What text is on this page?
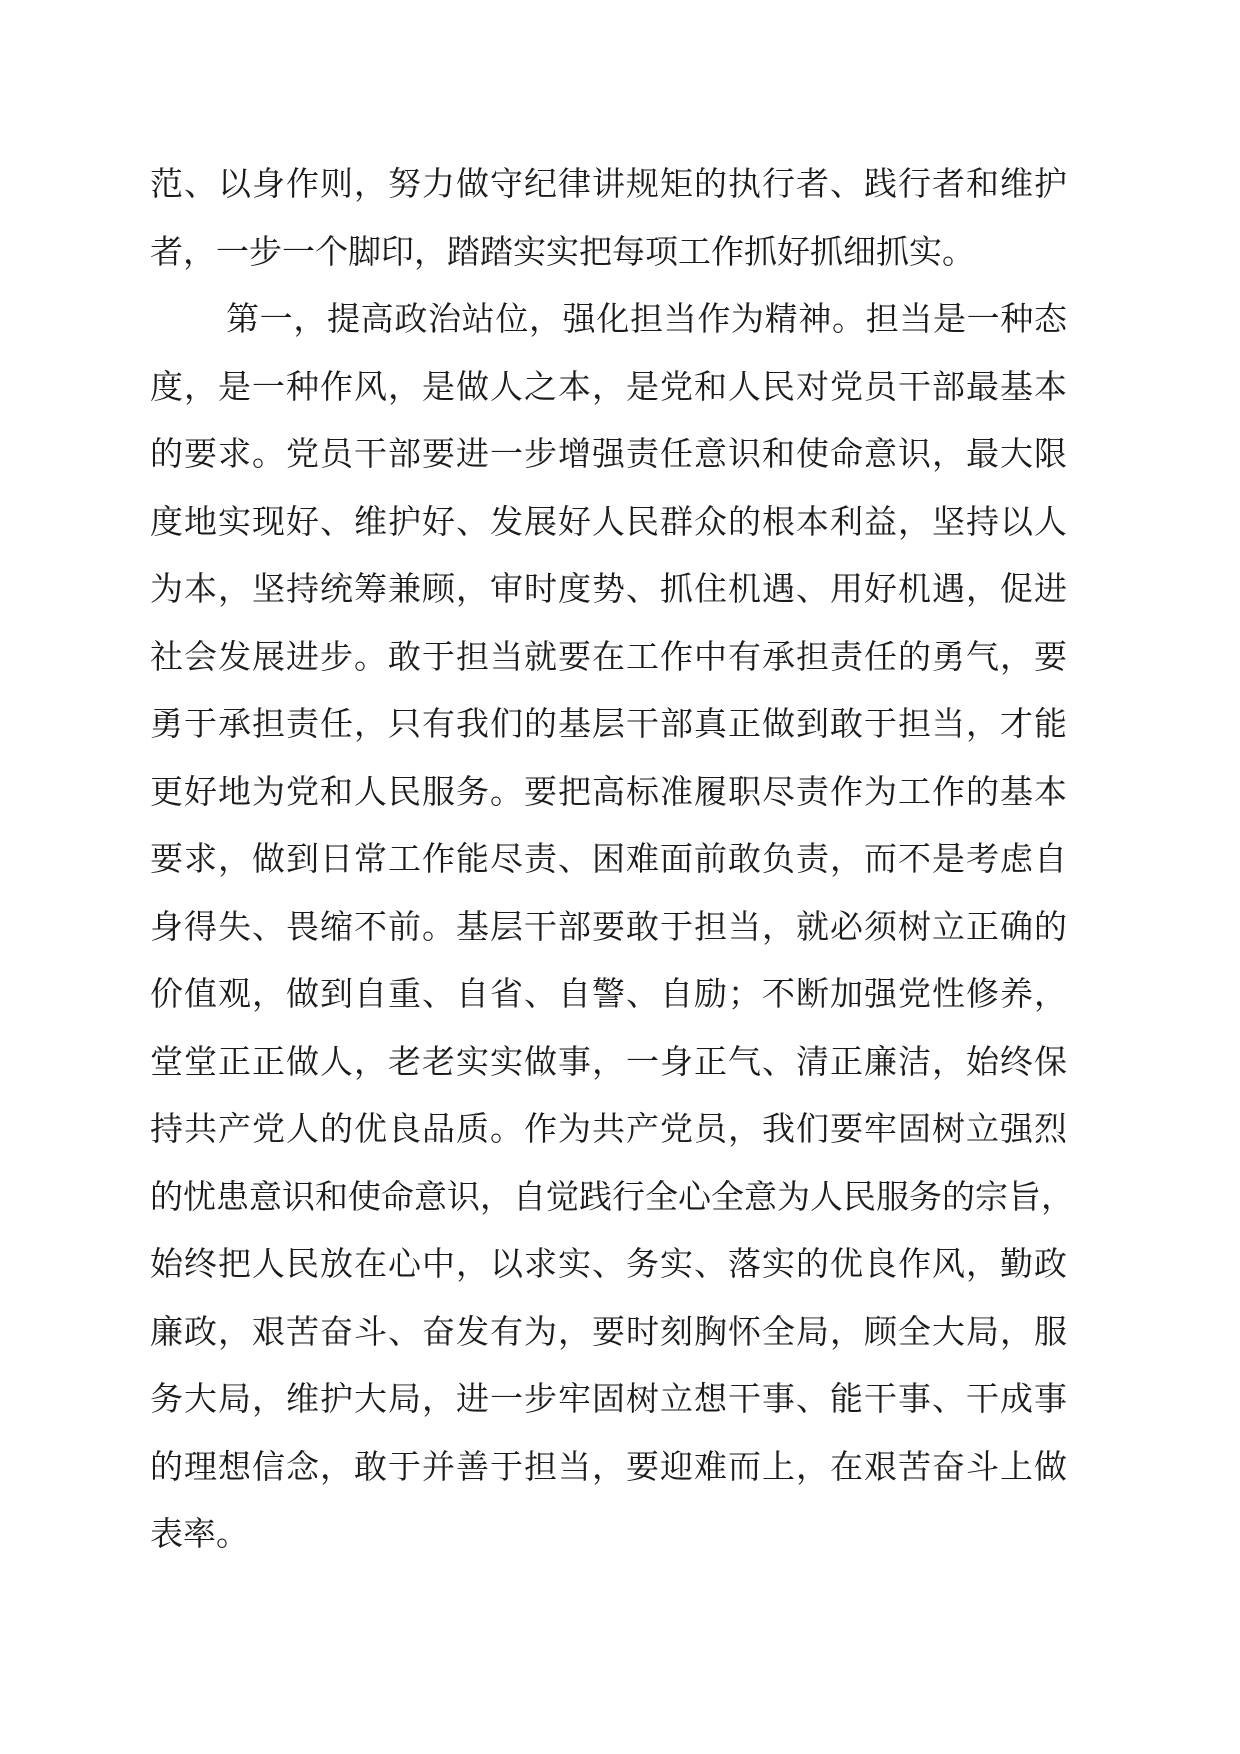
范、以身作则，努力做守纪律讲规矩的执行者、践行者和维护
者，一步一个脚印，踏踏实实把每项工作抓好抓细抓实。
第一，提高政治站位，强化担当作为精神。担当是一种态
度，是一种作风，是做人之本，是党和人民对党员干部最基本
的要求。党员干部要进一步增强责任意识和使命意识，最大限
度地实现好、维护好、发展好人民群众的根本利益，坚持以人
为本，坚持统筹兼顾，审时度势、抓住机遇、用好机遇，促进
社会发展进步。敢于担当就要在工作中有承担责任的勇气，要
勇于承担责任，只有我们的基层干部真正做到敢于担当，才能
更好地为党和人民服务。要把高标准履职尽责作为工作的基本
要求，做到日常工作能尽责、困难面前敢负责，而不是考虑自
身得失、畏缩不前。基层干部要敢于担当，就必须树立正确的
价值观，做到自重、自省、自警、自励；不断加强党性修养，
堂堂正正做人，老老实实做事，一身正气、清正廉洁，始终保
持共产党人的优良品质。作为共产党员，我们要牢固树立强烈
的忧患意识和使命意识，自觉践行全心全意为人民服务的宗旨，
始终把人民放在心中，以求实、务实、落实的优良作风，勤政
廉政，艰苦奋斗、奋发有为，要时刻胸怀全局，顾全大局，服
务大局，维护大局，进一步牢固树立想干事、能干事、干成事
的理想信念，敢于并善于担当，要迎难而上，在艰苦奋斗上做
表率。
